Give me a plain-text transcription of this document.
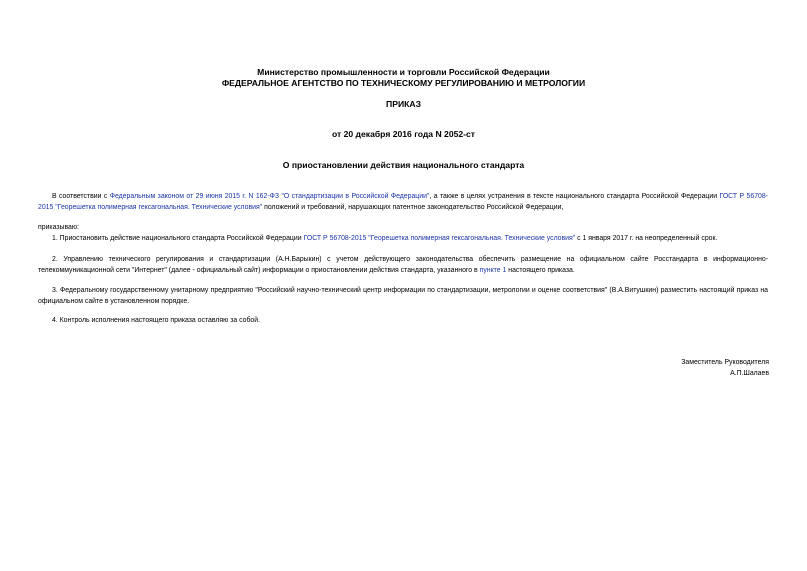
Министерство промышленности и торговли Российской Федерации
ФЕДЕРАЛЬНОЕ АГЕНТСТВО ПО ТЕХНИЧЕСКОМУ РЕГУЛИРОВАНИЮ И МЕТРОЛОГИИ
ПРИКАЗ
от 20 декабря 2016 года N 2052-ст
О приостановлении действия национального стандарта
В соответствии с Федеральным законом от 29 июня 2015 г. N 162-ФЗ "О стандартизации в Российской Федерации", а также в целях устранения в тексте национального стандарта Российской Федерации ГОСТ Р 56708-2015 "Георешетка полимерная гексагональная. Технические условия" положений и требований, нарушающих патентное законодательство Российской Федерации,
приказываю:
1. Приостановить действие национального стандарта Российской Федерации ГОСТ Р 56708-2015 "Георешетка полимерная гексагональная. Технические условия" с 1 января 2017 г. на неопределенный срок.
2. Управлению технического регулирования и стандартизации (А.Н.Барыкин) с учетом действующего законодательства обеспечить размещение на официальном сайте Росстандарта в информационно-телекоммуникационной сети "Интернет" (далее - официальный сайт) информации о приостановлении действия стандарта, указанного в пункте 1 настоящего приказа.
3. Федеральному государственному унитарному предприятию "Российский научно-технический центр информации по стандартизации, метрологии и оценке соответствия" (В.А.Витушкин) разместить настоящий приказ на официальном сайте в установленном порядке.
4. Контроль исполнения настоящего приказа оставляю за собой.
Заместитель Руководителя
А.П.Шалаев
